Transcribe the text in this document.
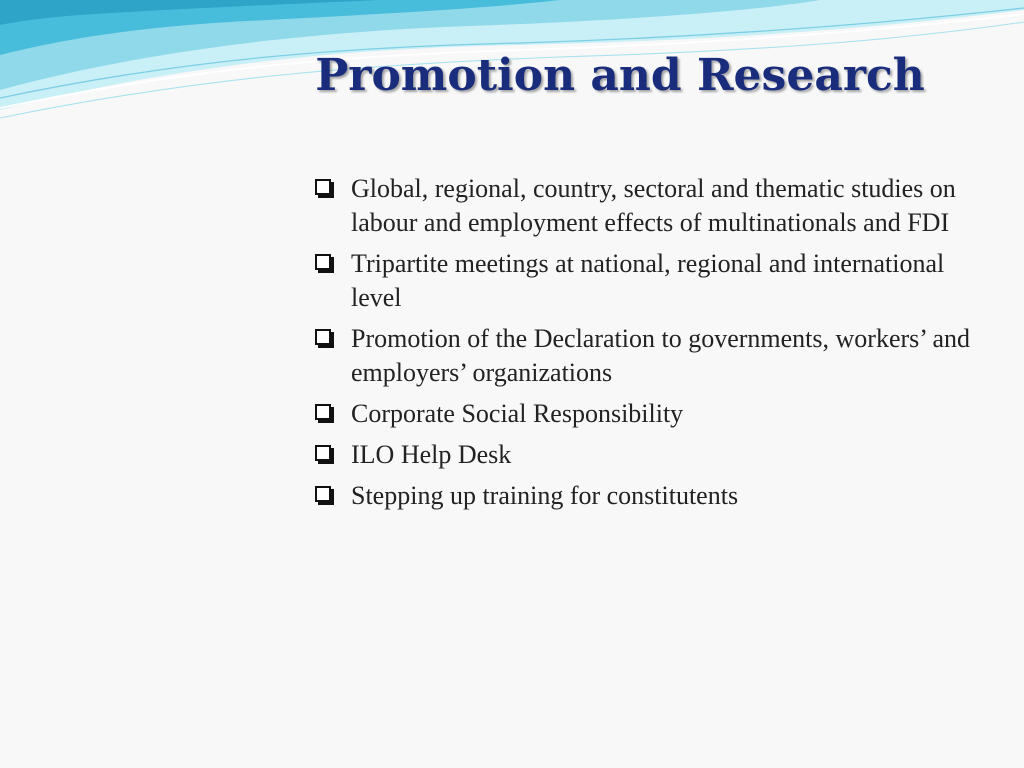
Promotion and Research
Global, regional, country, sectoral and thematic studies on labour and employment effects of multinationals and FDI
Tripartite meetings at national, regional and international level
Promotion of the Declaration to governments, workers’ and employers’ organizations
Corporate Social Responsibility
ILO Help Desk
Stepping up training for constitutents
